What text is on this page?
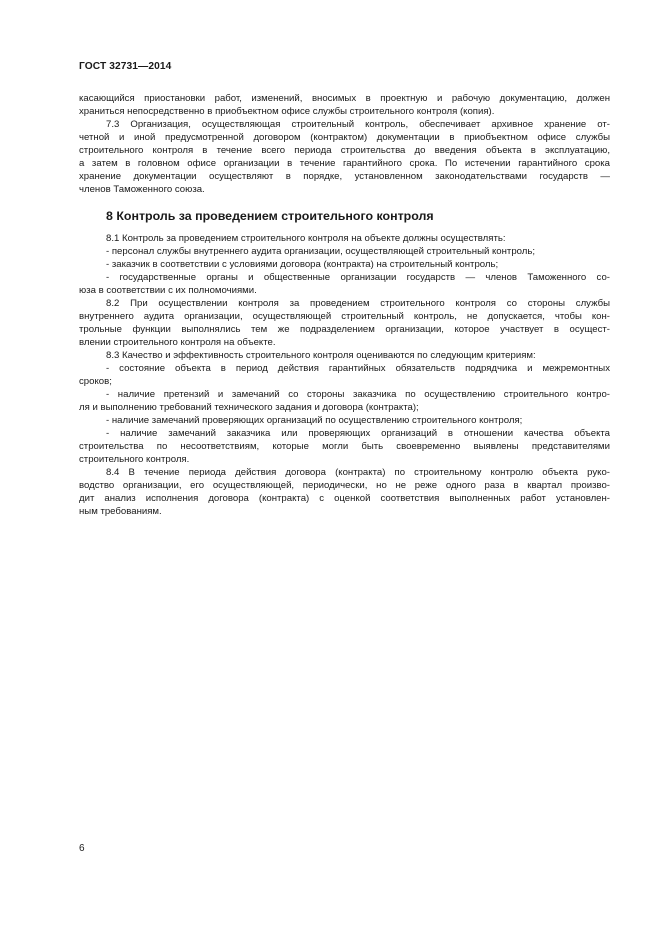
ГОСТ 32731—2014
касающийся приостановки работ, изменений, вносимых в проектную и рабочую документацию, должен
храниться непосредственно в приобъектном офисе службы строительного контроля (копия).
7.3 Организация, осуществляющая строительный контроль, обеспечивает архивное хранение от-
четной и иной предусмотренной договором (контрактом) документации в приобъектном офисе службы
строительного контроля в течение всего периода строительства до введения объекта в эксплуатацию,
а затем в головном офисе организации в течение гарантийного срока. По истечении гарантийного срока
хранение документации осуществляют в порядке, установленном законодательствами государств —
членов Таможенного союза.
8 Контроль за проведением строительного контроля
8.1 Контроль за проведением строительного контроля на объекте должны осуществлять:
- персонал службы внутреннего аудита организации, осуществляющей строительный контроль;
- заказчик в соответствии с условиями договора (контракта) на строительный контроль;
- государственные органы и общественные организации государств — членов Таможенного со-
юза в соответствии с их полномочиями.
8.2 При осуществлении контроля за проведением строительного контроля со стороны службы
внутреннего аудита организации, осуществляющей строительный контроль, не допускается, чтобы кон-
трольные функции выполнялись тем же подразделением организации, которое участвует в осущест-
влении строительного контроля на объекте.
8.3 Качество и эффективность строительного контроля оцениваются по следующим критериям:
- состояние объекта в период действия гарантийных обязательств подрядчика и межремонтных
сроков;
- наличие претензий и замечаний со стороны заказчика по осуществлению строительного контро-
ля и выполнению требований технического задания и договора (контракта);
- наличие замечаний проверяющих организаций по осуществлению строительного контроля;
- наличие замечаний заказчика или проверяющих организаций в отношении качества объекта
строительства по несоответствиям, которые могли быть своевременно выявлены представителями
строительного контроля.
8.4 В течение периода действия договора (контракта) по строительному контролю объекта руко-
водство организации, его осуществляющей, периодически, но не реже одного раза в квартал произво-
дит анализ исполнения договора (контракта) с оценкой соответствия выполненных работ установлен-
ным требованиям.
6
